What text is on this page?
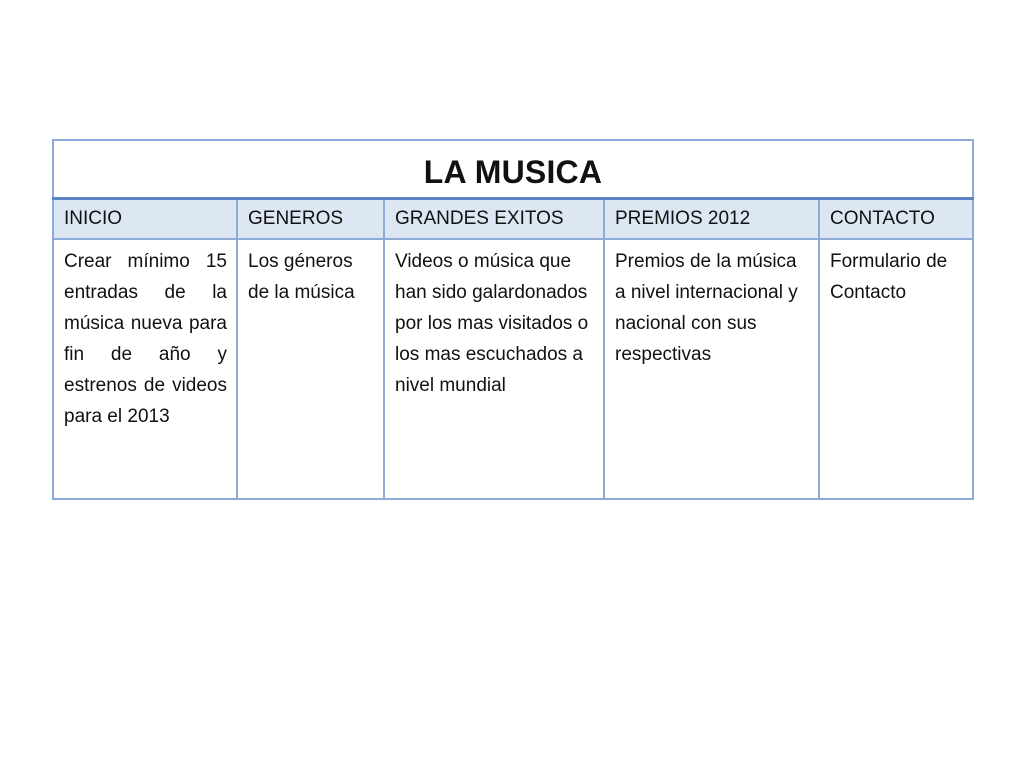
LA MUSICA				

INICIO	GENEROS	GRANDES EXITOS	PREMIOS 2012	CONTACTO

Crear mínimo 15 entradas de la música nueva para fin de año y estrenos de videos para el 2013	Los géneros de la música	Videos o música que han sido galardonados por los mas visitados o los mas escuchados a nivel mundial	Premios de la música a nivel internacional y nacional con sus respectivas	Formulario de Contacto
